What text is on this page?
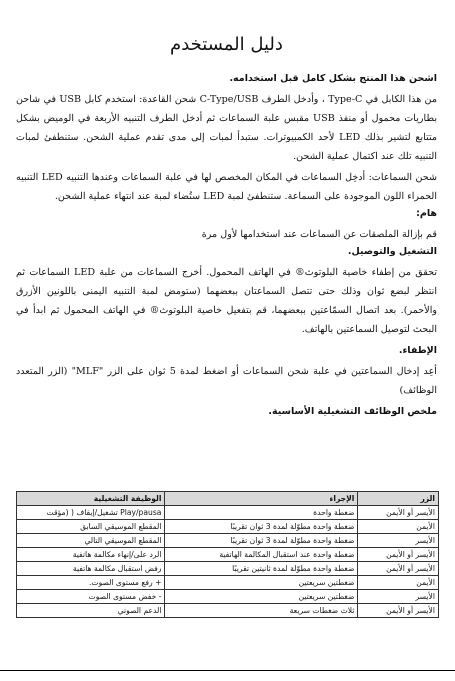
دليل المستخدم
اشحن هذا المنتج بشكل كامل قبل استخدامه.

من هذا الكابل في Type-C ، وأدخل الطرف C-Type/USB شحن القاعدة: استخدم كابل USB في شاحن بطاريات محمول أو منفذ USB مقبس علبة السماعات ثم أدخل الطرف التنبيه الأربعة في الوميض بشكل متتابع لتشير بذلك LED لأحد الكمبيوترات. ستبدأ لمبات إلى مدى تقدم عملية الشحن. ستنطفئ لمبات التنبيه تلك عند اكتمال عملية الشحن.

شحن السماعات: أدخِل السماعات في المكان المخصص لها في علبة السماعات وعندها التنبيه LED التنبيه الحمراء اللون الموجودة على السماعة. ستنطفئ لمبة LED ستُضاء لمبة عند انتهاء عملية الشحن.

هام:

قم بإزالة الملصقات عن السماعات عند استخدامها لأول مرة

التشغيل والتوصيل.

تحقق من إطفاء خاصية البلوتوث® في الهاتف المحمول. أخرج السماعات من علبة LED السماعات ثم انتظر لبضع ثوان وذلك حتى تتصل السماعتان ببعضهما (ستومض لمبة التنبيه اليمنى باللونين الأزرق والأحمر). بعد اتصال السمّاعتين ببعضهما، قم بتفعيل خاصية البلوتوث® في الهاتف المحمول ثم ابدأ في البحث لتوصيل السماعتين بالهاتف.

الإطفاء.

أعِد إدخال السماعتين في علبة شحن السماعات أو اضغط لمدة 5 ثوان على الزر "MLF" (الزر المتعدد الوظائف)

ملخص الوظائف التشغيلية الأساسية.
الزر	الإجراء	الوظيفة التشغيلية
الأيسر أو الأيمن	ضغطة واحدة	Play/pausa تشغيل/إيقاف ( (مؤقت
الأيمن	ضغطة واحدة مطوّلة لمدة 3 ثوان تقريبًا	المقطع الموسيقي السابق
الأيسر	ضغطة واحدة مطوّلة لمدة 3 ثوان تقريبًا	المقطع الموسيقي التالي
الأيسر أو الأيمن	ضغطة واحدة عند استقبال المكالمة الهاتفية	الرد على/إنهاء مكالمة هاتفية
الأيسر أو الأيمن	ضغطة واحدة مطوّلة لمدة ثانيتين تقريبًا	رفض استقبال مكالمة هاتفية
الأيمن	ضغطتين سريعتين	+ رفع مستوى الصوت.
الأيسر	ضغطتين سريعتين	- خفض مستوى الصوت
الأيسر أو الأيمن	ثلاث ضغطات سريعة	الدعم الصوتي
